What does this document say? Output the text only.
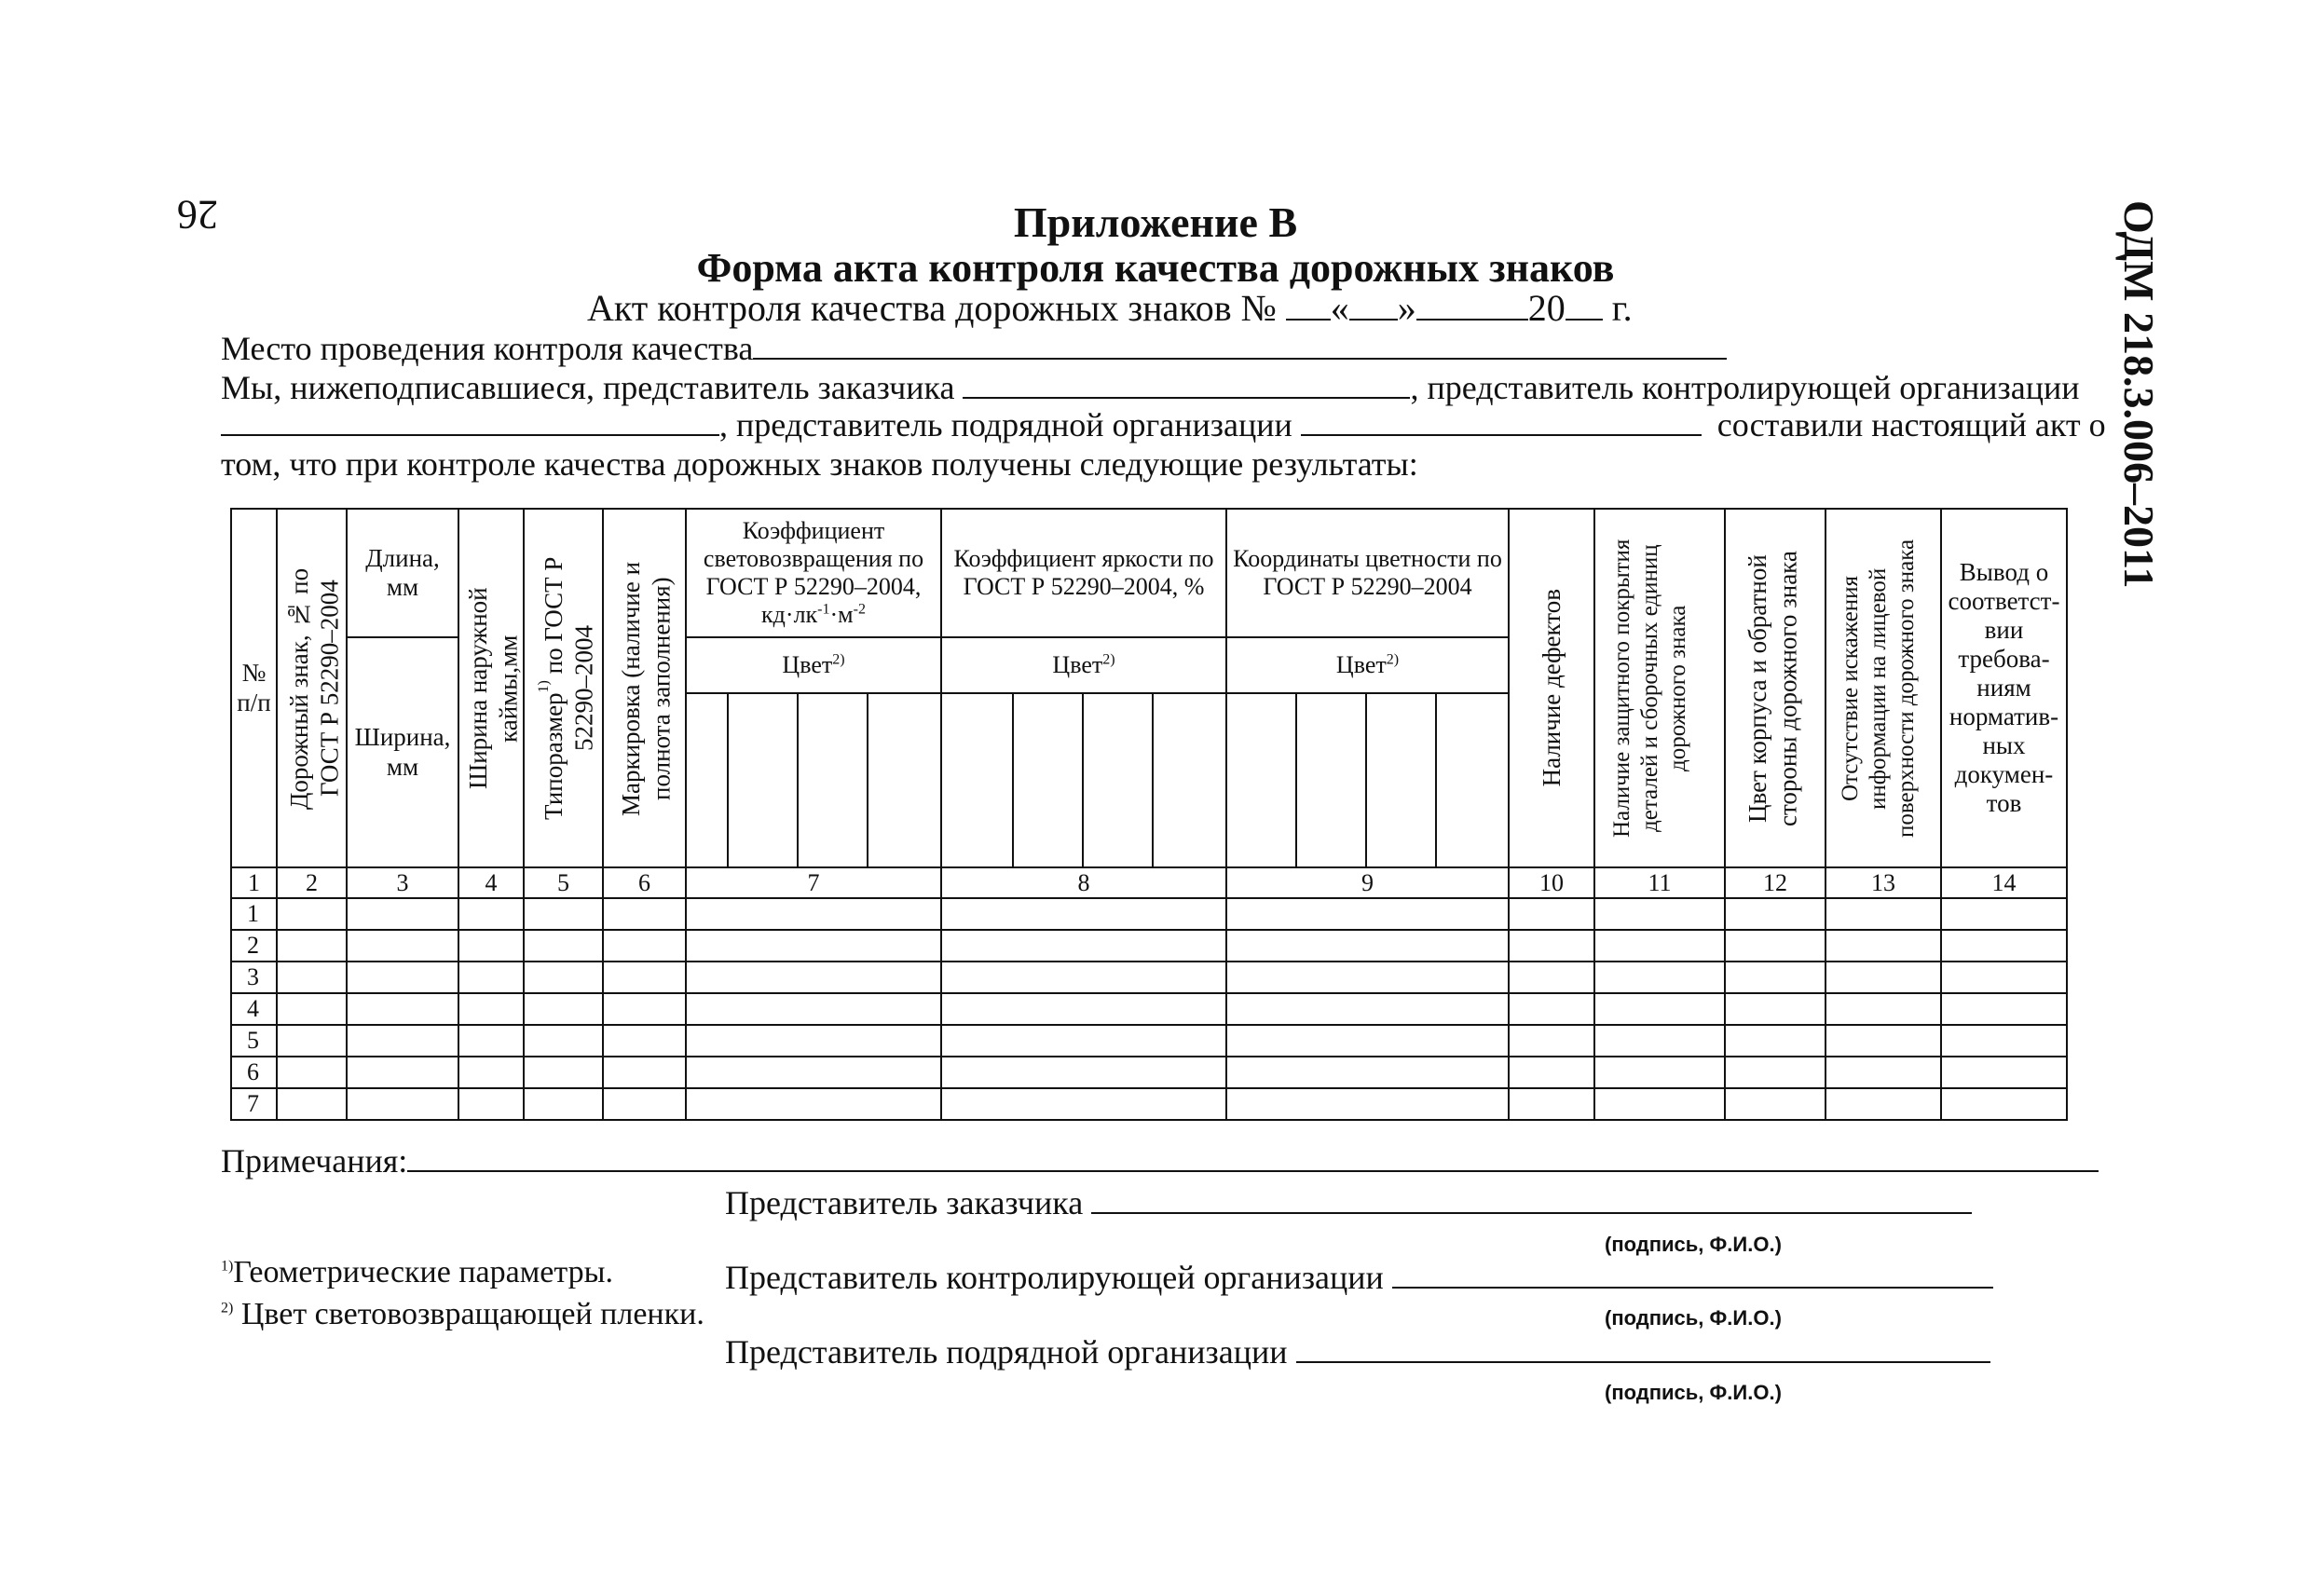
26	ОДМ 218.3.006–2011
Приложение В
Форма акта контроля качества дорожных знаков
Акт контроля качества дорожных знаков № « »	20 г.
Место проведения контроля качества
Мы, нижеподписавшиеся, представитель заказчика	, представитель контролирующей организации
, представитель подрядной организации	составили настоящий акт о
том, что при контроле качества дорожных знаков получены следующие результаты:
№ п/п	Дорожный знак, № по ГОСТ Р 52290–2004	Длина, мм	Ширина наружной каймы,мм	Типоразмер$^{1)}$ по ГОСТ Р 52290–2004	Маркировка (наличие и полнота заполнения)	Коэффициент световозвращения по ГОСТ Р 52290–2004, $кд\cdot лк^{-1}\cdot м^{-2}$				Коэффициент яркости по ГОСТ Р 52290–2004, %				Координаты цветности по ГОСТ Р 52290–2004				Наличие дефектов	Наличие защитного покрытия деталей и сборочных единиц дорожного знака	Цвет корпуса и обратной стороны дорожного знака	Отсутствие искажения информации на лицевой поверхности дорожного знака	Вывод о соответст-вии требова-ниям норматив-ных докумен-тов
		Ширина, мм				Цвет$^{2)}$				Цвет$^{2)}$				Цвет$^{2)}$

1	2	3	4	5	6	7				8				9				10	11	12	13	14
1																						
2																						
3																						
4																						
5																						
6																						
7																						
Примечания:
Представитель заказчика
(подпись, Ф.И.О.)
$^{1)}$Геометрические параметры.	Представитель контролирующей организации
(подпись, Ф.И.О.)
$^{2)}$ Цвет световозвращающей пленки.
Представитель подрядной организации
(подпись, Ф.И.О.)
